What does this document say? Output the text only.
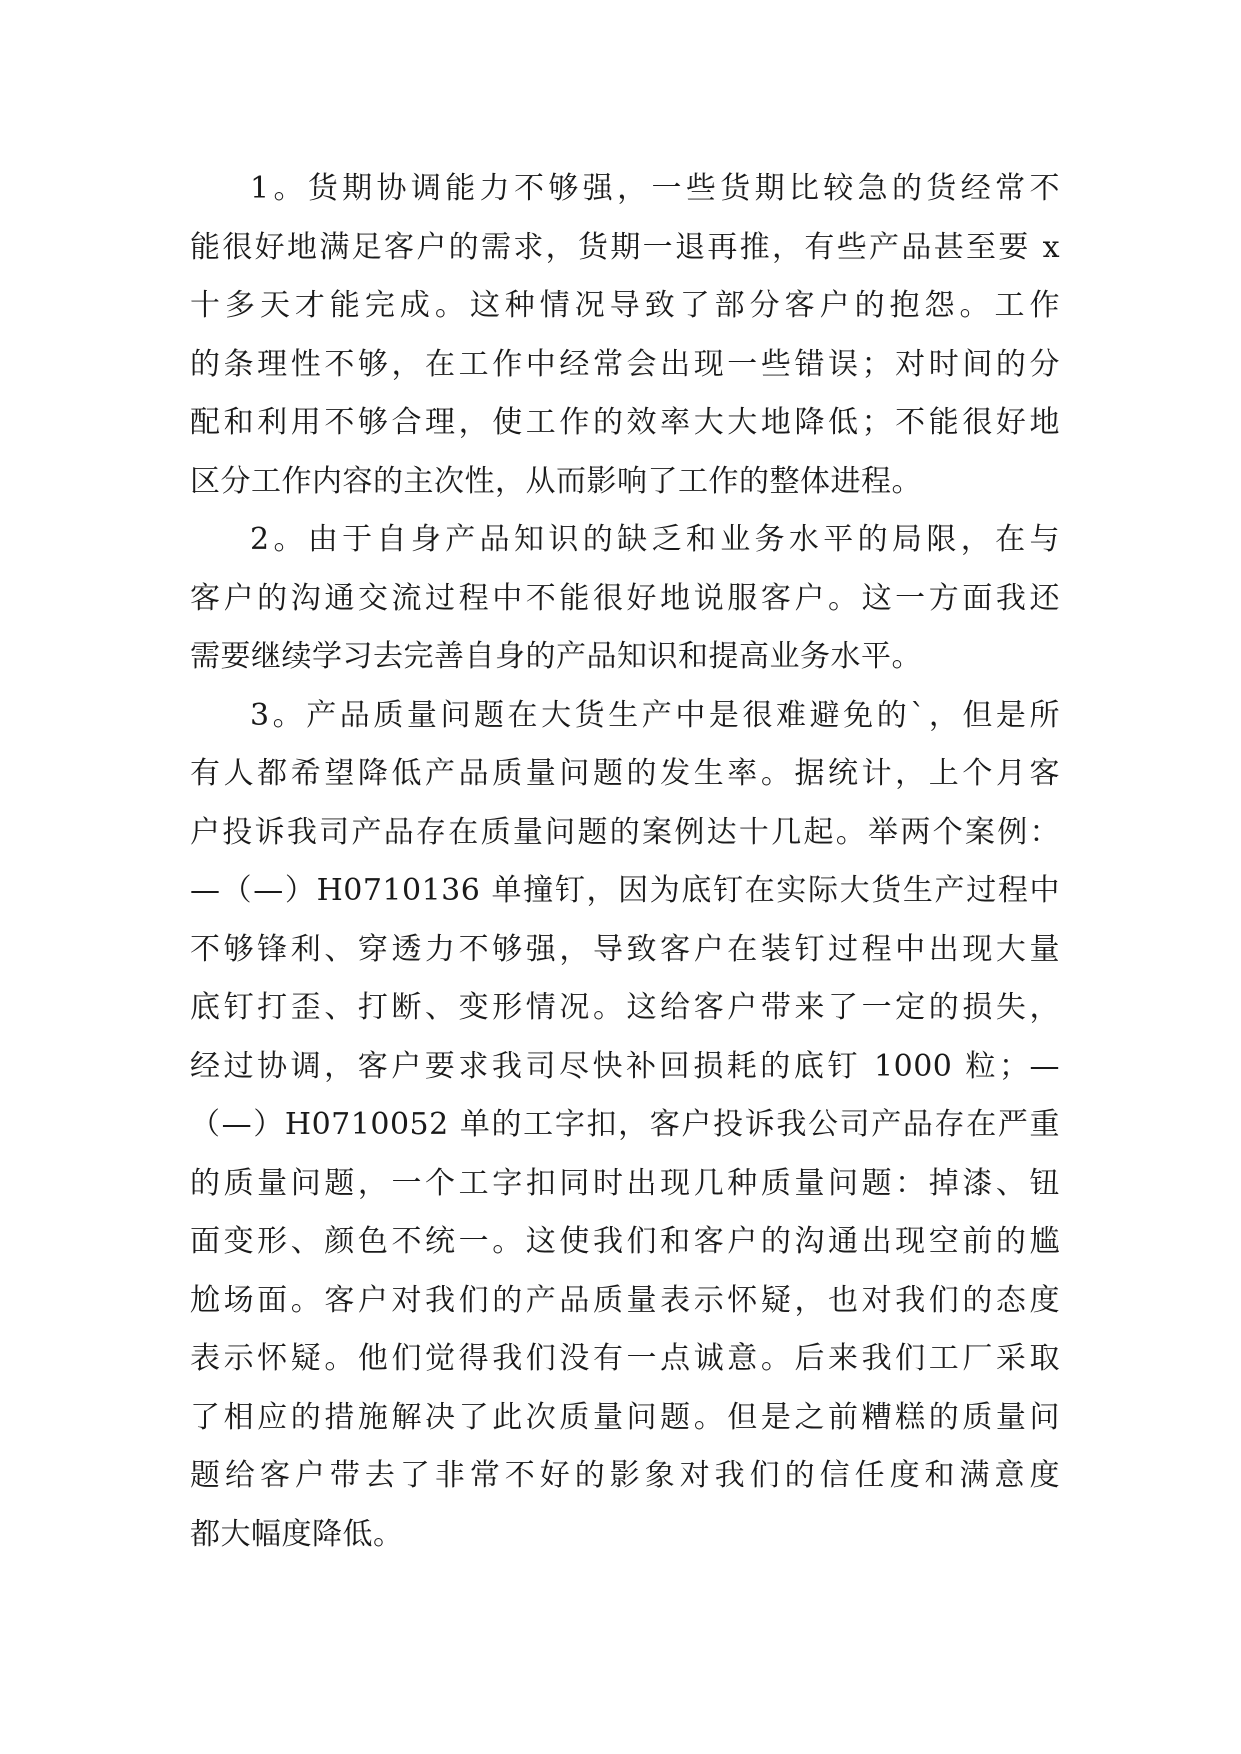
1。货期协调能力不够强，一些货期比较急的货经常不
能很好地满足客户的需求，货期一退再推，有些产品甚至要 x
十多天才能完成。这种情况导致了部分客户的抱怨。工作
的条理性不够，在工作中经常会出现一些错误；对时间的分
配和利用不够合理，使工作的效率大大地降低；不能很好地
区分工作内容的主次性，从而影响了工作的整体进程。
2。由于自身产品知识的缺乏和业务水平的局限，在与
客户的沟通交流过程中不能很好地说服客户。这一方面我还
需要继续学习去完善自身的产品知识和提高业务水平。
3。产品质量问题在大货生产中是很难避免的`，但是所
有人都希望降低产品质量问题的发生率。据统计，上个月客
户投诉我司产品存在质量问题的案例达十几起。举两个案例：
—（—）H0710136 单撞钉，因为底钉在实际大货生产过程中
不够锋利、穿透力不够强，导致客户在装钉过程中出现大量
底钉打歪、打断、变形情况。这给客户带来了一定的损失，
经过协调，客户要求我司尽快补回损耗的底钉 1000 粒；—
（—）H0710052 单的工字扣，客户投诉我公司产品存在严重
的质量问题，一个工字扣同时出现几种质量问题：掉漆、钮
面变形、颜色不统一。这使我们和客户的沟通出现空前的尴
尬场面。客户对我们的产品质量表示怀疑，也对我们的态度
表示怀疑。他们觉得我们没有一点诚意。后来我们工厂采取
了相应的措施解决了此次质量问题。但是之前糟糕的质量问
题给客户带去了非常不好的影象对我们的信任度和满意度
都大幅度降低。
